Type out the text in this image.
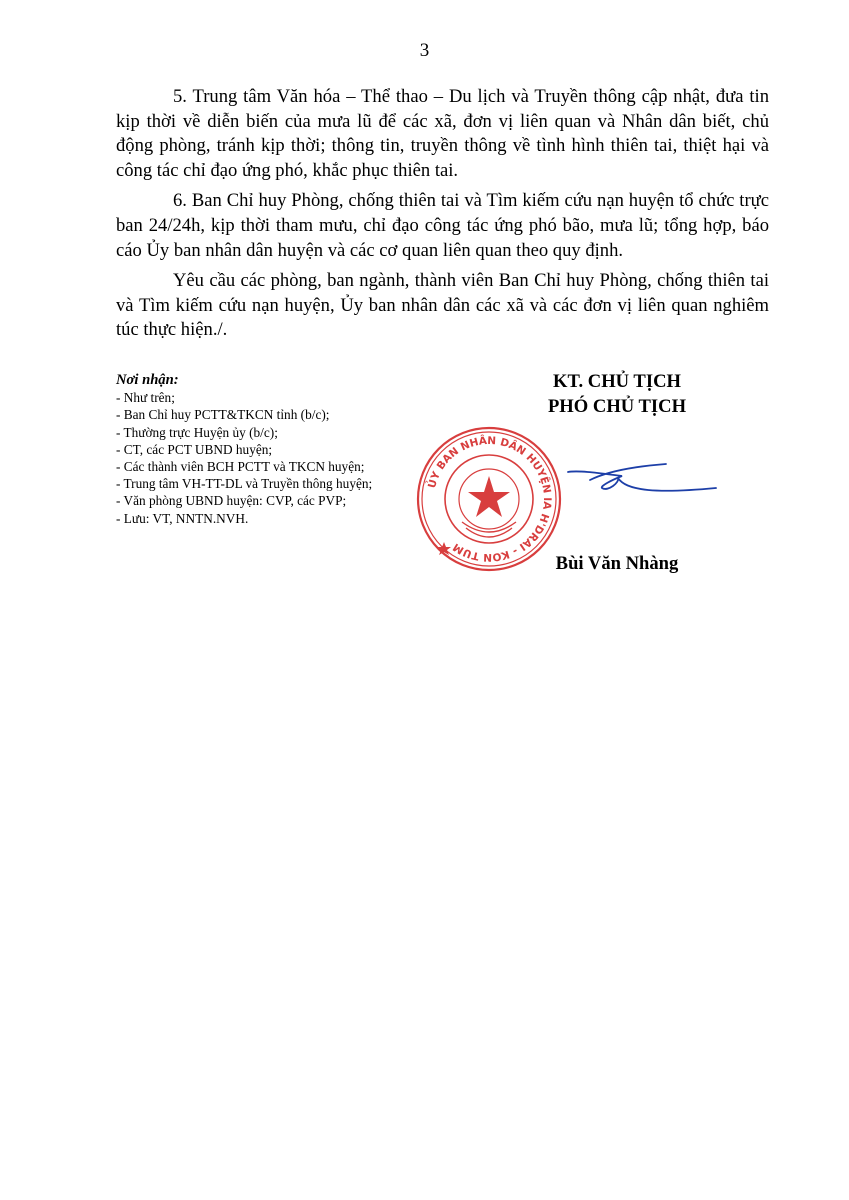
3

5. Trung tâm Văn hóa – Thể thao – Du lịch và Truyền thông cập nhật, đưa tin kịp thời về diễn biến của mưa lũ để các xã, đơn vị liên quan và Nhân dân biết, chủ động phòng, tránh kịp thời; thông tin, truyền thông về tình hình thiên tai, thiệt hại và công tác chỉ đạo ứng phó, khắc phục thiên tai.

6. Ban Chỉ huy Phòng, chống thiên tai và Tìm kiếm cứu nạn huyện tổ chức trực ban 24/24h, kịp thời tham mưu, chỉ đạo công tác ứng phó bão, mưa lũ; tổng hợp, báo cáo Ủy ban nhân dân huyện và các cơ quan liên quan theo quy định.

Yêu cầu các phòng, ban ngành, thành viên Ban Chỉ huy Phòng, chống thiên tai và Tìm kiếm cứu nạn huyện, Ủy ban nhân dân các xã và các đơn vị liên quan nghiêm túc thực hiện./.

Nơi nhận:
- Như trên;
- Ban Chỉ huy PCTT&TKCN tỉnh (b/c);
- Thường trực Huyện ủy (b/c);
- CT, các PCT UBND huyện;
- Các thành viên BCH PCTT và TKCN huyện;
- Trung tâm VH-TT-DL và Truyền thông huyện;
- Văn phòng UBND huyện: CVP, các PVP;
- Lưu: VT, NNTN.NVH.
KT. CHỦ TỊCH
PHÓ CHỦ TỊCH
ỦY BAN NHÂN DÂN HUYỆN IA H'DRAI - KON TUM
Bùi Văn Nhàng
